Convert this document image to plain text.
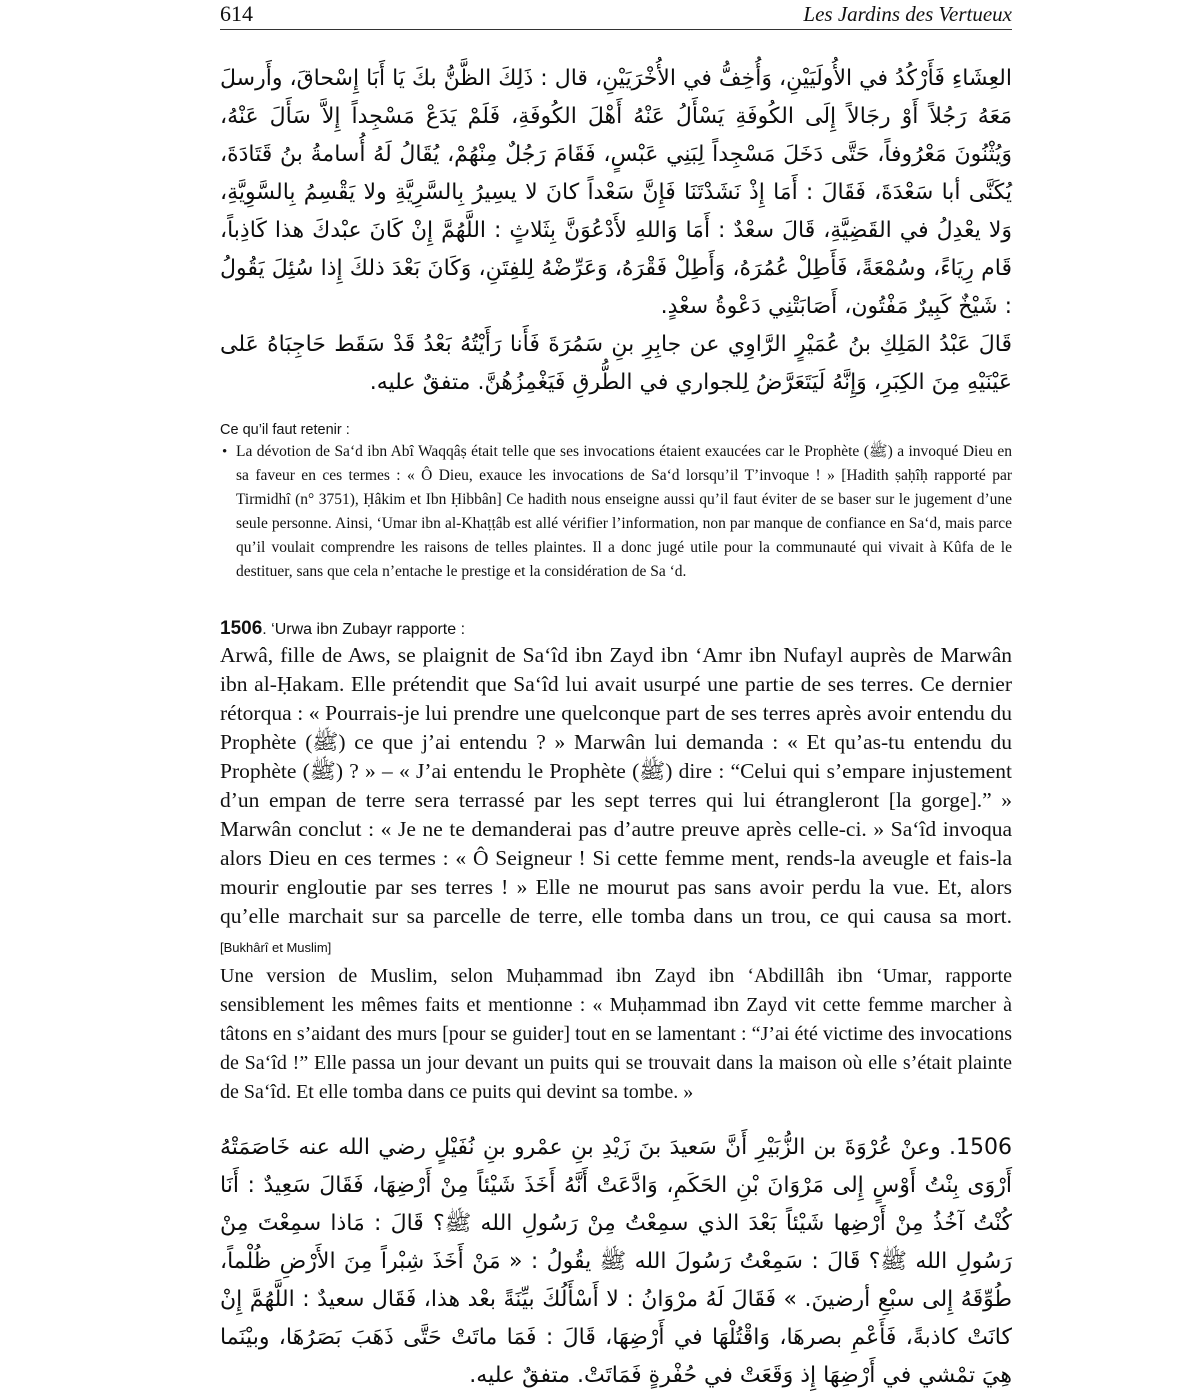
614	Les Jardins des Vertueux

العِشَاءِ فَأَرْكُدُ في الأُولَيَيْنِ، وَأُخِفُّ في الأُخْرَيَيْنِ، قال : ذَلِكَ الظَّنُّ بكَ يَا أَبَا إِسْحاقَ، وأَرسلَ مَعَهُ رَجُلاً أَوْ رجَالاً إِلَى الكُوفَةِ يَسْأَلُ عَنْهُ أَهْلَ الكُوفَةِ، فَلَمْ يَدَعْ مَسْجِداً إِلاَّ سَأَلَ عَنْهُ، وَيُثْنُونَ مَعْرُوفاً، حَتَّى دَخَلَ مَسْجِداً لِبَنِي عَبْسٍ، فَقَامَ رَجُلٌ مِنْهُمْ، يُقَالُ لَهُ أُسامةُ بنُ قَتَادَةَ، يُكَنَّى أبا سَعْدَةَ، فَقَالَ : أَمَا إِذْ نَشَدْتَنَا فَإِنَّ سَعْداً كانَ لا يسِيرُ بِالسَّرِيَّةِ ولا يَقْسِمُ بِالسَّوِيَّةِ، وَلا يعْدِلُ في القَضِيَّةِ، قَالَ سعْدٌ : أَمَا وَاللهِ لأَدْعُوَنَّ بِثَلاثٍ : اللَّهُمَّ إِنْ كَانَ عبْدكَ هذا كَاذِباً، قَام رِيَاءً، وسُمْعَةً، فَأَطِلْ عُمُرَهُ، وَأَطِلْ فَقْرَهُ، وَعَرِّضْهُ لِلفِتَنِ، وَكَانَ بَعْدَ ذلكَ إِذا سُئِلَ يَقُولُ : شَيْخٌ كَبِيرٌ مَفْتُون، أَصَابَتْنِي دَعْوةُ سعْدٍ.

قَالَ عَبْدُ المَلِكِ بنُ عُمَيْرٍ الرَّاوِي عن جابِرِ بنِ سَمُرَةَ فَأَنا رَأَيْتُهُ بَعْدُ قَدْ سَقَط حَاجِبَاهُ عَلى عَيْنَيْهِ مِنَ الكِبَرِ، وَإِنَّهُ لَيَتَعَرَّضُ لِلجواري في الطُّرقِ فَيَغْمِزُهُنَّ. متفقٌ عليه.

Ce qu’il faut retenir :
• La dévotion de Sa‘d ibn Abî Waqqâṣ était telle que ses invocations étaient exaucées car le Prophète (ﷺ) a invoqué Dieu en sa faveur en ces termes : « Ô Dieu, exauce les invocations de Sa‘d lorsqu’il T’invoque ! » [Hadith ṣaḥîḥ rapporté par Tirmidhî (n° 3751), Ḥâkim et Ibn Ḥibbân] Ce hadith nous enseigne aussi qu’il faut éviter de se baser sur le jugement d’une seule personne. Ainsi, ‘Umar ibn al-Khaṭṭâb est allé vérifier l’information, non par manque de confiance en Sa‘d, mais parce qu’il voulait comprendre les raisons de telles plaintes. Il a donc jugé utile pour la communauté qui vivait à Kûfa de le destituer, sans que cela n’entache le prestige et la considération de Sa ‘d.
1506. ‘Urwa ibn Zubayr rapporte :

Arwâ, fille de Aws, se plaignit de Sa‘îd ibn Zayd ibn ‘Amr ibn Nufayl auprès de Marwân ibn al-Ḥakam. Elle prétendit que Sa‘îd lui avait usurpé une partie de ses terres. Ce dernier rétorqua : « Pourrais-je lui prendre une quelconque part de ses terres après avoir entendu du Prophète (ﷺ) ce que j’ai entendu ? » Marwân lui demanda : « Et qu’as-tu entendu du Prophète (ﷺ) ? » – « J’ai entendu le Prophète (ﷺ) dire : “Celui qui s’empare injustement d’un empan de terre sera terrassé par les sept terres qui lui étrangleront [la gorge].” » Marwân conclut : « Je ne te demanderai pas d’autre preuve après celle-ci. » Sa‘îd invoqua alors Dieu en ces termes : « Ô Seigneur ! Si cette femme ment, rends-la aveugle et fais-la mourir engloutie par ses terres ! » Elle ne mourut pas sans avoir perdu la vue. Et, alors qu’elle marchait sur sa parcelle de terre, elle tomba dans un trou, ce qui causa sa mort. [Bukhârî et Muslim]

Une version de Muslim, selon Muḥammad ibn Zayd ibn ‘Abdillâh ibn ‘Umar, rapporte sensiblement les mêmes faits et mentionne : « Muḥammad ibn Zayd vit cette femme marcher à tâtons en s’aidant des murs [pour se guider] tout en se lamentant : “J’ai été victime des invocations de Sa‘îd !” Elle passa un jour devant un puits qui se trouvait dans la maison où elle s’était plainte de Sa‘îd. Et elle tomba dans ce puits qui devint sa tombe. »

1506. وعنْ عُرْوَةَ بن الزُّبَيْرِ أَنَّ سَعيدَ بنَ زَيْدِ بنِ عمْرو بنِ نُفَيْلٍ رضي الله عنه خَاصَمَتْهُ أَرْوَى بِنْتُ أَوْسٍ إِلى مَرْوَانَ بْنِ الحَكَمِ، وَادَّعَتْ أَنَّهُ أَخَذَ شَيْئاً مِنْ أَرْضِهَا، فَقَالَ سَعِيدٌ : أَنَا كُنْتُ آخُذُ مِنْ أَرْضِها شَيْئاً بَعْدَ الذي سمِعْتُ مِنْ رَسُولِ الله ﷺ؟ قَالَ : مَاذا سمِعْتَ مِنْ رَسُولِ الله ﷺ؟ قَالَ : سَمِعْتُ رَسُولَ الله ﷺ يقُولُ : « مَنْ أَخَذَ شِبْراً مِنَ الأَرْضِ ظُلْماً، طُوِّقَهُ إِلى سبْعِ أرضينَ. » فَقَالَ لَهُ مرْوَانُ : لا أَسْأَلُكَ بيِّنَةً بعْد هذا، فَقَال سعيدٌ : اللَّهُمَّ إِنْ كانَتْ كاذبةً، فَأَعْمِ بصرهَا، وَاقْتُلْهَا في أَرْضِهَا، قَالَ : فَمَا ماتَتْ حَتَّى ذَهَبَ بَصَرُهَا، وبيْنَما هِيَ تمْشي في أَرْضِهَا إِذ وَقَعَتْ في حُفْرةٍ فَمَاتَتْ. متفقٌ عليه.
